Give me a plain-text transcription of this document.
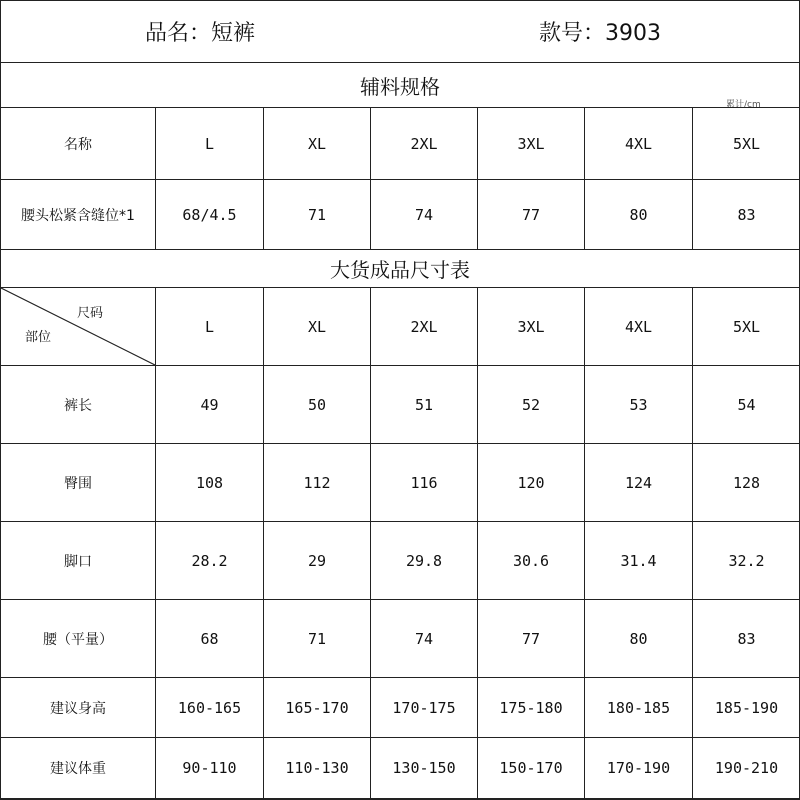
品名：短裤	款号：3903
辅料规格
累计/cm
名称	L	XL	2XL	3XL	4XL	5XL
腰头松紧含缝位*1	68/4.5	71	74	77	80	83
大货成品尺寸表
尺码
部位	L	XL	2XL	3XL	4XL	5XL
裤长	49	50	51	52	53	54
臀围	108	112	116	120	124	128
脚口	28.2	29	29.8	30.6	31.4	32.2
腰（平量）	68	71	74	77	80	83
建议身高	160-165	165-170	170-175	175-180	180-185	185-190
建议体重	90-110	110-130	130-150	150-170	170-190	190-210
